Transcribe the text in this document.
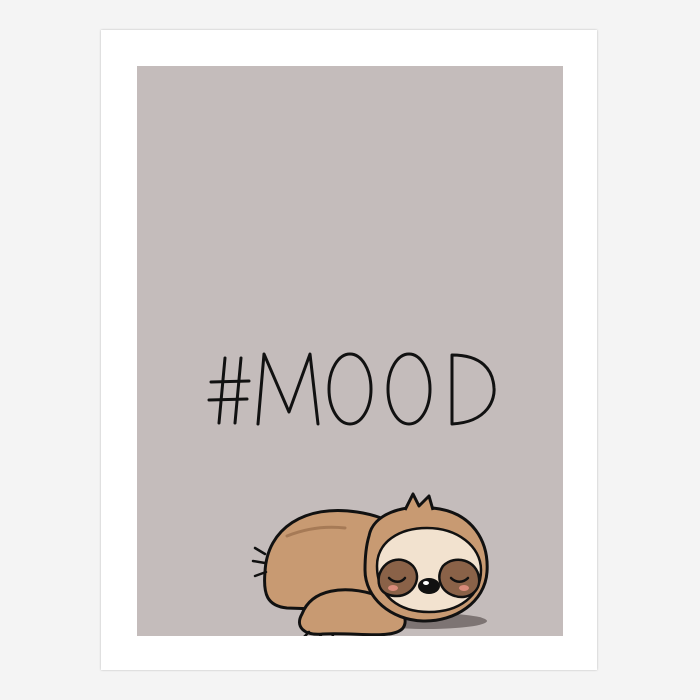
#MOOD
